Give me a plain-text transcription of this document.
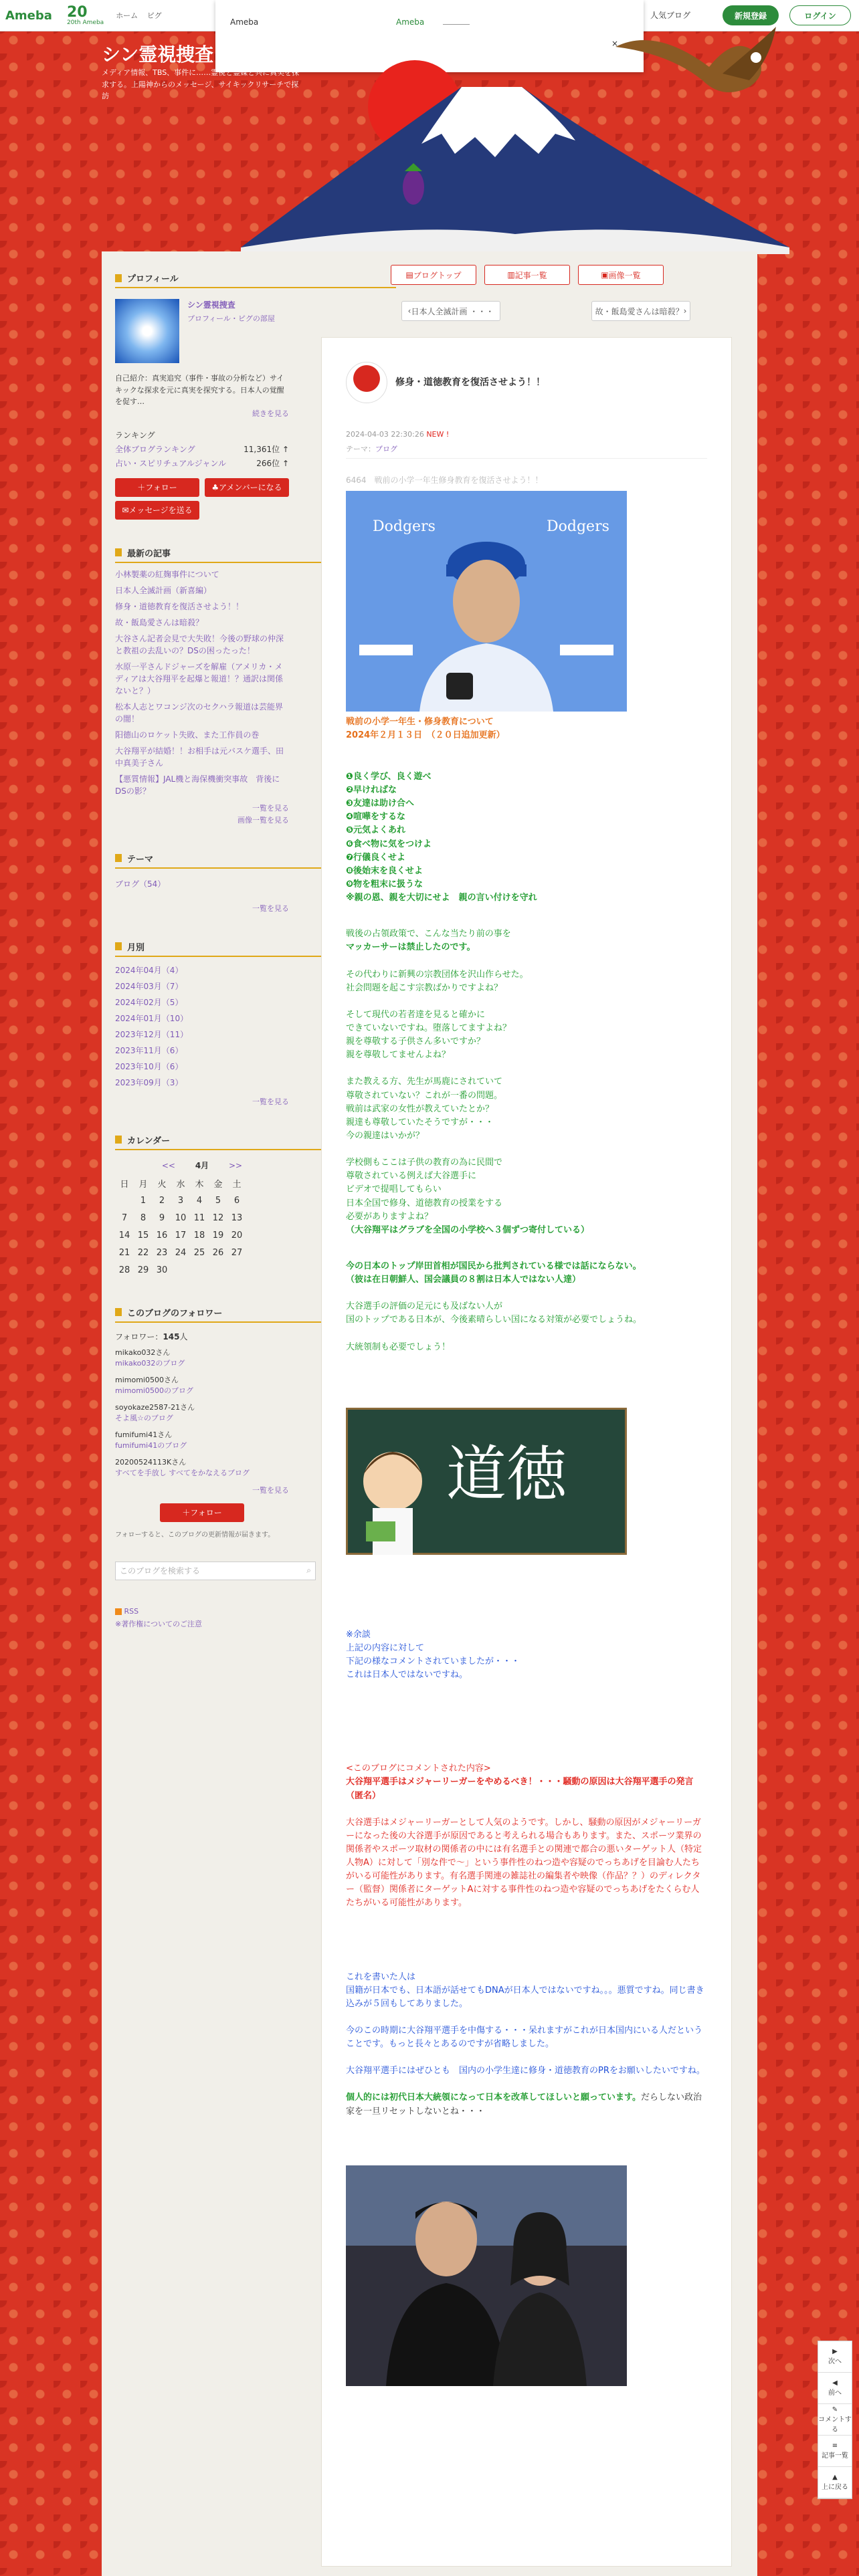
Ameba 20
20th Ameba
ホーム ピグ	人気ブログ	新規登録	ログイン
Ameba	Ameba
×
シン霊視捜査
メディア情報、TBS、事件に……霊視と霊媒と共に真実を探求する。上陽神からのメッセージ、サイキックリサーチで探訪
プロフィール
シン霊視捜査
プロフィール・ピグの部屋
自己紹介：真実追究（事件・事故の分析など）サイキックな探求を元に真実を探究する。日本人の覚醒を促す…
続きを見る
ランキング
全体ブログランキング	11,361位 ↑
占い・スピリチュアルジャンル	266位 ↑
＋ フォロー	♣ アメンバーになる
✉ メッセージを送る
最新の記事
小林製薬の紅麹事件について
日本人全滅計画（新喜編）
修身・道徳教育を復活させよう！！
故・飯島愛さんは暗殺？
大谷さん記者会見で大失敗！今後の野球の仲深と教祖の去乱いの？DSの困ったった！
水原一平さんドジャーズを解雇（アメリカ・メディアは大谷翔平を起爆と報道！？通訳は関係ないと？）
松本人志とワコンジ次のセクハラ報道は芸能界の闇！
阳德山のロケット失敗、また工作員の巻
大谷翔平が結婚！！お相手は元バスケ選手、田中真美子さん
【悪質情報】JAL機と海保機衝突事故　背後にDSの影？
一覧を見る
画像一覧を見る
テーマ
ブログ（54）
一覧を見る
月別
2024年04月（4）
2024年03月（7）
2024年02月（5）
2024年01月（10）
2023年12月（11）
2023年11月（6）
2023年10月（6）
2023年09月（3）
一覧を見る
カレンダー
<< 4月 >>
日	月	火	水	木	金	土
	1	2	3	4	5	6
7	8	9	10	11	12	13
14	15	16	17	18	19	20
21	22	23	24	25	26	27
28	29	30				
このブログのフォロワー
フォロワー：145人
mikako032さん
mikako032のブログ
mimomi0500さん
mimomi0500のブログ
soyokaze2587-21さん
そよ風☆のブログ
fumifumi41さん
fumifumi41のブログ
20200524113Kさん
すべてを手放し すべてをかなえるブログ
一覧を見る
＋ フォロー
フォローすると、このブログの更新情報が届きます。
このブログを検索する	⌕
RSS
※著作権についてのご注意
▤ ブログトップ	▥ 記事一覧	▣ 画像一覧
‹ 日本人全滅計画 ・・・	故・飯島愛さんは暗殺？ ›
修身・道徳教育を復活させよう！！
2024-04-03 22:30:26 NEW !
テーマ：ブログ

6464　戦前の小学一年生修身教育を復活させよう！！

Dodgers	Dodgers

戦前の小学一年生・修身教育について

2024年２月１３日　（２０日追加更新）

❶良く学び、良く遊べ

❷早ければな

❸友達は助け合へ

❹喧嘩をするな

❺元気よくあれ

❻食べ物に気をつけよ

❼行儀良くせよ

❽後始末を良くせよ

❾物を粗末に扱うな

※親の恩、親を大切にせよ　親の言い付けを守れ

戦後の占領政策で、こんな当たり前の事を

マッカーサーは禁止したのです。

その代わりに新興の宗教団体を沢山作らせた。

社会問題を起こす宗教ばかりですよね？

そして現代の若者達を見ると確かに

できていないですね。堕落してますよね？

親を尊敬する子供さん多いですか？

親を尊敬してませんよね？

また教える方、先生が馬鹿にされていて

尊敬されていない？これが一番の問題。

戦前は武家の女性が教えていたとか？

親達も尊敬していたそうですが・・・

今の親達はいかが？

学校側もここは子供の教育の為に民間で

尊敬されている例えば大谷選手に

ビデオで提唱してもらい

日本全国で修身、道徳教育の授業をする

必要がありますよね？

（大谷翔平はグラブを全国の小学校へ３個ずつ寄付している）

今の日本のトップ岸田首相が国民から批判されている様では話にならない。

（彼は在日朝鮮人、国会議員の８割は日本人ではない人達）

大谷選手の評価の足元にも及ばない人が

国のトップである日本が、今後素晴らしい国になる対策が必要でしょうね。

大統領制も必要でしょう！

道徳

※余談

上記の内容に対して

下記の様なコメントされていましたが・・・

これは日本人ではないですね。

<このブログにコメントされた内容>

大谷翔平選手はメジャーリーガーをやめるべき！・・・騒動の原因は大谷翔平選手の発言（匿名）

大谷選手はメジャーリーガーとして人気のようです。しかし、騒動の原因がメジャーリーガーになった後の大谷選手が原因であると考えられる場合もあります。また、スポーツ業界の関係者やスポーツ取材の関係者の中には有名選手との関連で都合の悪いターゲット人（特定人物A）に対して「別な件で～」という事件性のねつ造や容疑のでっちあげを目論む人たちがいる可能性があります。有名選手関連の雑誌社の編集者や映像（作品？？）のディレクター（監督）関係者にターゲットAに対する事件性のねつ造や容疑のでっちあげをたくらむ人たちがいる可能性があります。

これを書いた人は

国籍が日本でも、日本語が話せてもDNAが日本人ではないですね。。。悪質ですね。同じ書き込みが５回もしてありました。

今のこの時期に大谷翔平選手を中傷する・・・呆れますがこれが日本国内にいる人だということです。もっと長々とあるのですが省略しました。

大谷翔平選手にはぜひとも　国内の小学生達に修身・道徳教育のPRをお願いしたいですね。

個人的には初代日本大統領になって日本を改革してほしいと願っています。だらしない政治家を一旦リセットしないとね・・・

▶
次へ
◀
前へ
✎
コメントする
≡
記事一覧
▲
上に戻る
